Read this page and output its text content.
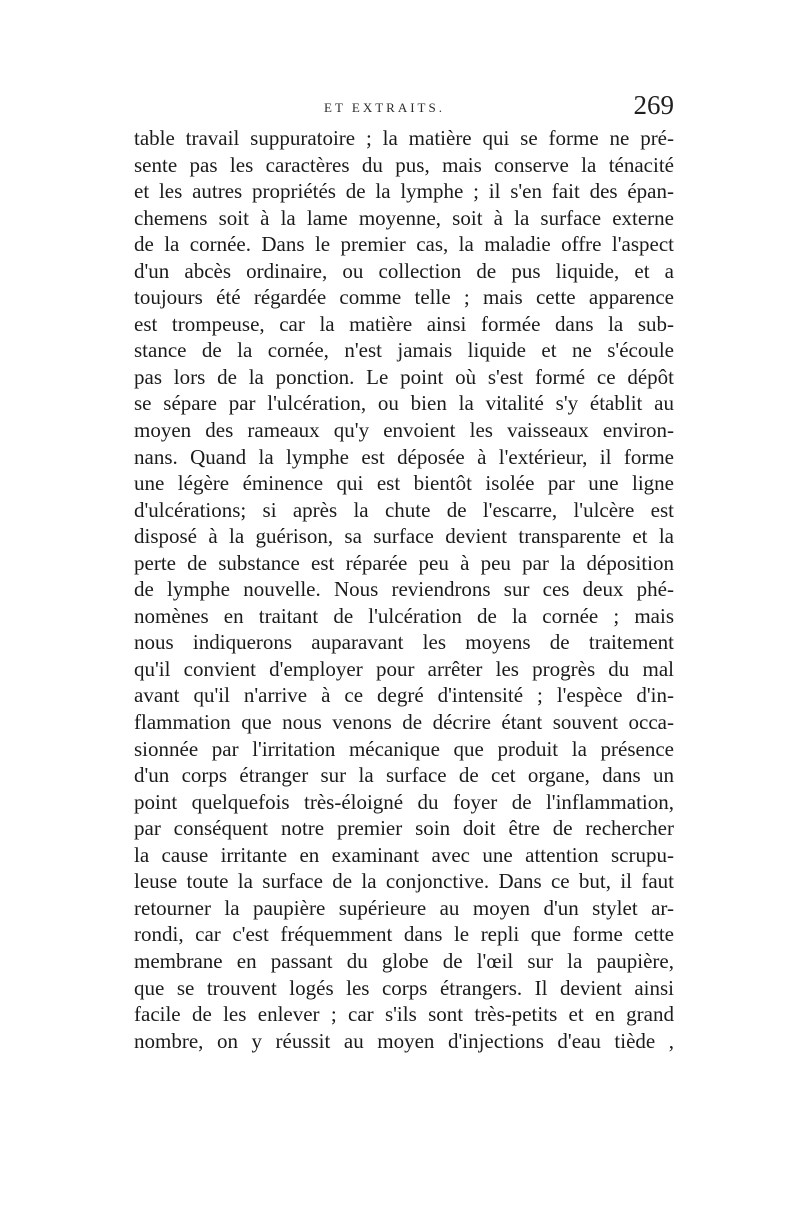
ET EXTRAITS.	269
table travail suppuratoire ; la matière qui se forme ne pré-
sente pas les caractères du pus, mais conserve la ténacité
et les autres propriétés de la lymphe ; il s'en fait des épan-
chemens soit à la lame moyenne, soit à la surface externe
de la cornée. Dans le premier cas, la maladie offre l'aspect
d'un abcès ordinaire, ou collection de pus liquide, et a
toujours été régardée comme telle ; mais cette apparence
est trompeuse, car la matière ainsi formée dans la sub-
stance de la cornée, n'est jamais liquide et ne s'écoule
pas lors de la ponction. Le point où s'est formé ce dépôt
se sépare par l'ulcération, ou bien la vitalité s'y établit au
moyen des rameaux qu'y envoient les vaisseaux environ-
nans. Quand la lymphe est déposée à l'extérieur, il forme
une légère éminence qui est bientôt isolée par une ligne
d'ulcérations; si après la chute de l'escarre, l'ulcère est
disposé à la guérison, sa surface devient transparente et la
perte de substance est réparée peu à peu par la déposition
de lymphe nouvelle. Nous reviendrons sur ces deux phé-
nomènes en traitant de l'ulcération de la cornée ; mais
nous indiquerons auparavant les moyens de traitement
qu'il convient d'employer pour arrêter les progrès du mal
avant qu'il n'arrive à ce degré d'intensité ; l'espèce d'in-
flammation que nous venons de décrire étant souvent occa-
sionnée par l'irritation mécanique que produit la présence
d'un corps étranger sur la surface de cet organe, dans un
point quelquefois très-éloigné du foyer de l'inflammation,
par conséquent notre premier soin doit être de rechercher
la cause irritante en examinant avec une attention scrupu-
leuse toute la surface de la conjonctive. Dans ce but, il faut
retourner la paupière supérieure au moyen d'un stylet ar-
rondi, car c'est fréquemment dans le repli que forme cette
membrane en passant du globe de l'œil sur la paupière,
que se trouvent logés les corps étrangers. Il devient ainsi
facile de les enlever ; car s'ils sont très-petits et en grand
nombre, on y réussit au moyen d'injections d'eau tiède ,
